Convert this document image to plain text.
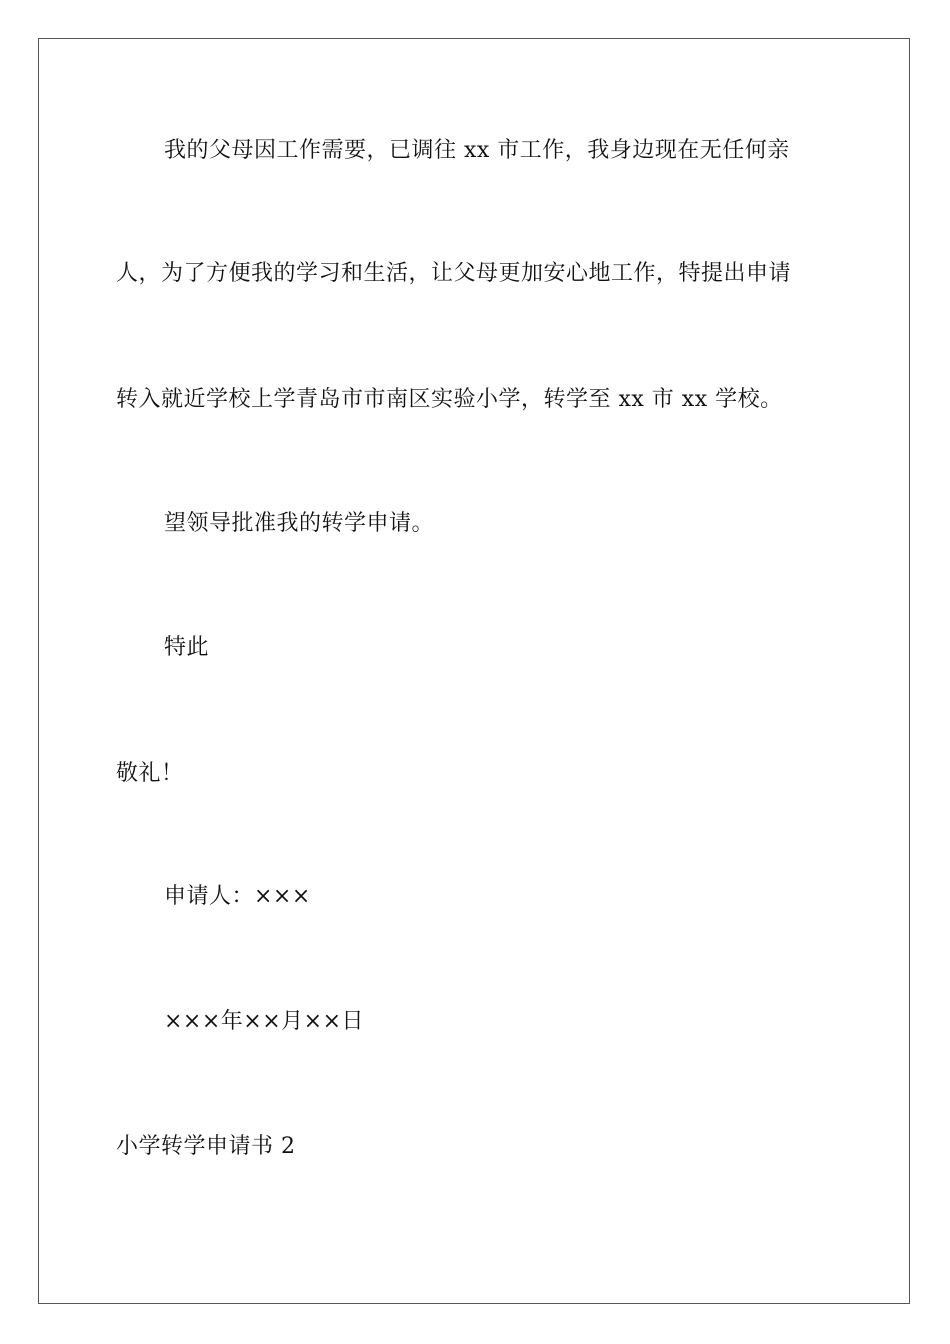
我的父母因工作需要，已调往 xx 市工作，我身边现在无任何亲
人，为了方便我的学习和生活，让父母更加安心地工作，特提出申请
转入就近学校上学青岛市市南区实验小学，转学至 xx 市 xx 学校。
望领导批准我的转学申请。
特此
敬礼！
申请人：×××
×××年××月××日
小学转学申请书 2
